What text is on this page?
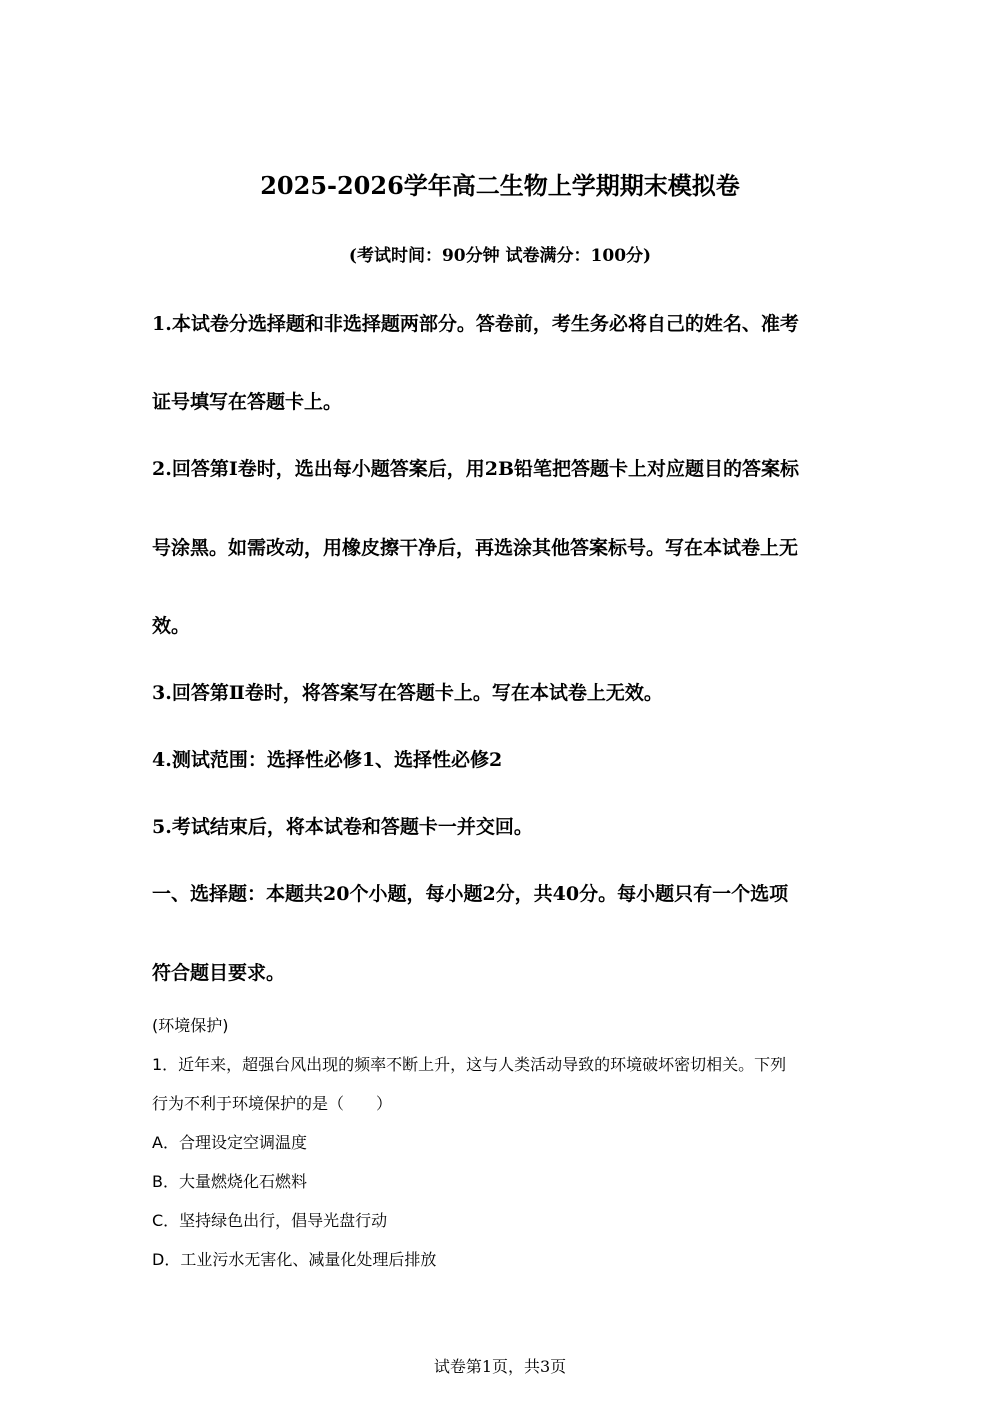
2025-2026学年高二生物上学期期末模拟卷
(考试时间：90分钟 试卷满分：100分)
1.本试卷分选择题和非选择题两部分。答卷前，考生务必将自己的姓名、准考
证号填写在答题卡上。
2.回答第Ⅰ卷时，选出每小题答案后，用2B铅笔把答题卡上对应题目的答案标
号涂黑。如需改动，用橡皮擦干净后，再选涂其他答案标号。写在本试卷上无
效。
3.回答第Ⅱ卷时，将答案写在答题卡上。写在本试卷上无效。
4.测试范围：选择性必修1、选择性必修2
5.考试结束后，将本试卷和答题卡一并交回。
一、选择题：本题共20个小题，每小题2分，共40分。每小题只有一个选项
符合题目要求。
(环境保护)
1．近年来，超强台风出现的频率不断上升，这与人类活动导致的环境破坏密切相关。下列
行为不利于环境保护的是（　　）
A．合理设定空调温度
B．大量燃烧化石燃料
C．坚持绿色出行，倡导光盘行动
D．工业污水无害化、减量化处理后排放
试卷第1页，共3页
